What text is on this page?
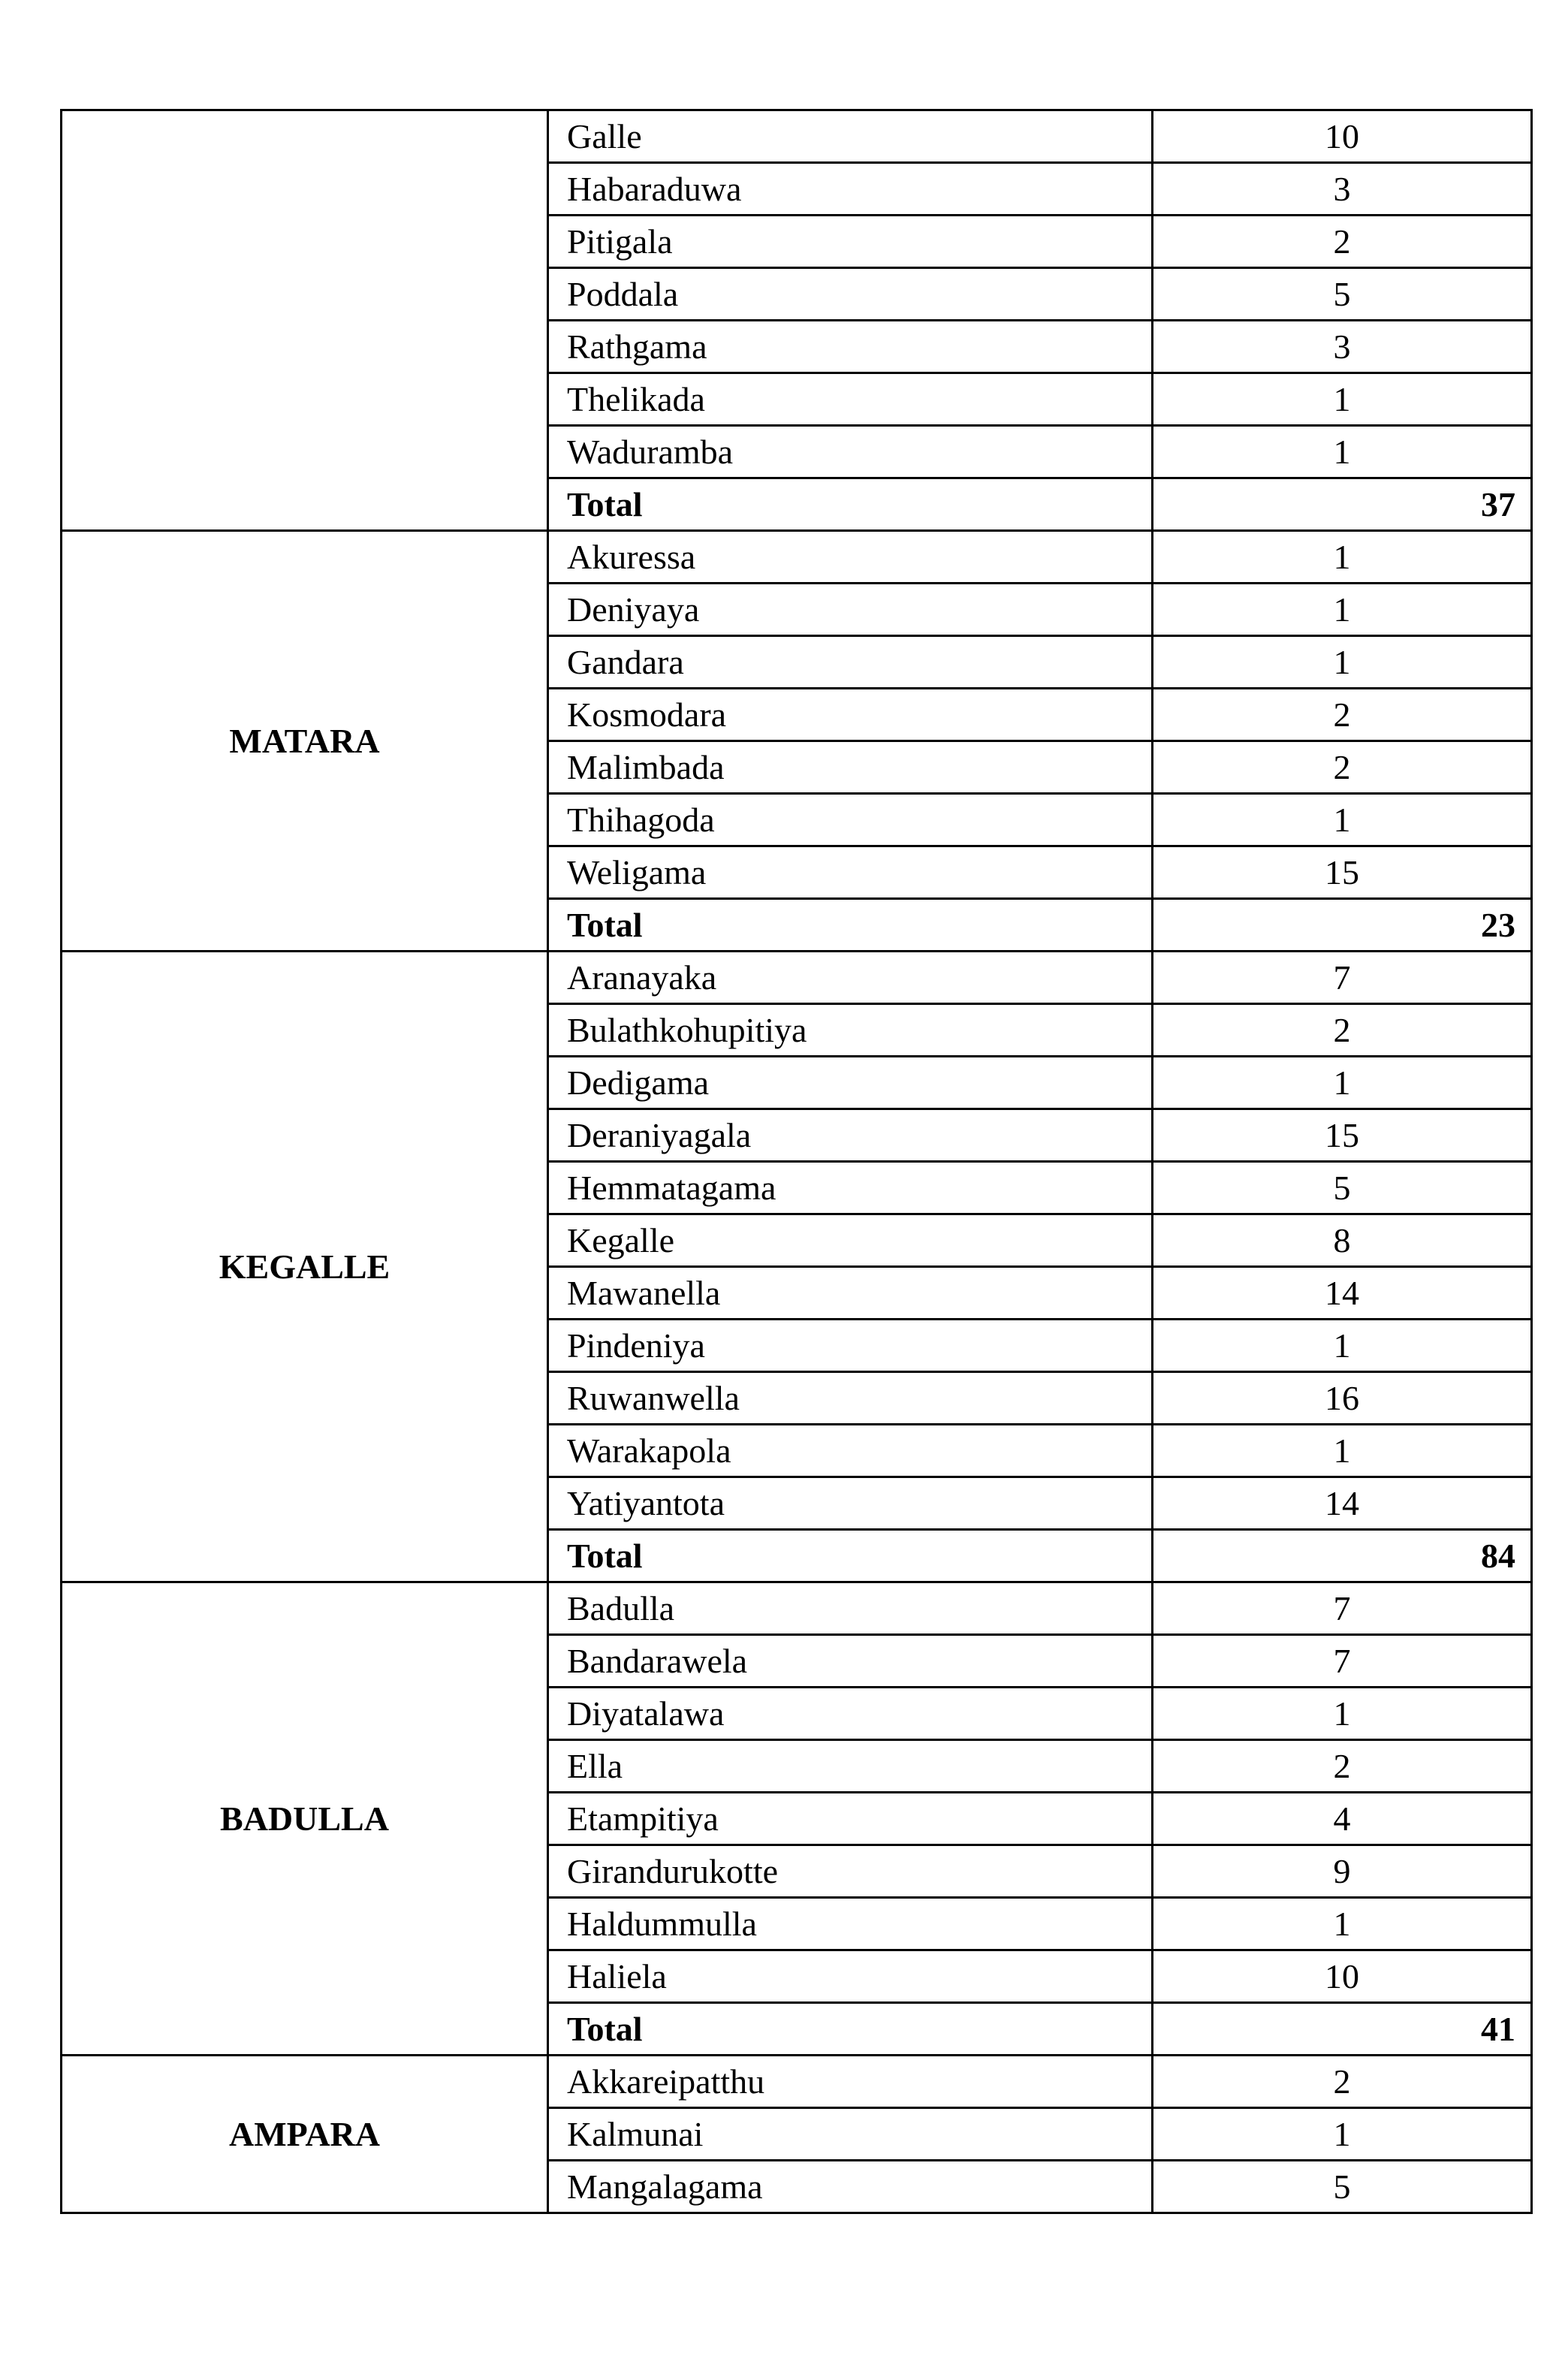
	Galle	10
	Habaraduwa	3
	Pitigala	2
	Poddala	5
	Rathgama	3
	Thelikada	1
	Waduramba	1
	Total	37
MATARA	Akuressa	1
	Deniyaya	1
	Gandara	1
	Kosmodara	2
	Malimbada	2
	Thihagoda	1
	Weligama	15
	Total	23
KEGALLE	Aranayaka	7
	Bulathkohupitiya	2
	Dedigama	1
	Deraniyagala	15
	Hemmatagama	5
	Kegalle	8
	Mawanella	14
	Pindeniya	1
	Ruwanwella	16
	Warakapola	1
	Yatiyantota	14
	Total	84
BADULLA	Badulla	7
	Bandarawela	7
	Diyatalawa	1
	Ella	2
	Etampitiya	4
	Girandurukotte	9
	Haldummulla	1
	Haliela	10
	Total	41
AMPARA	Akkareipatthu	2
	Kalmunai	1
	Mangalagama	5
